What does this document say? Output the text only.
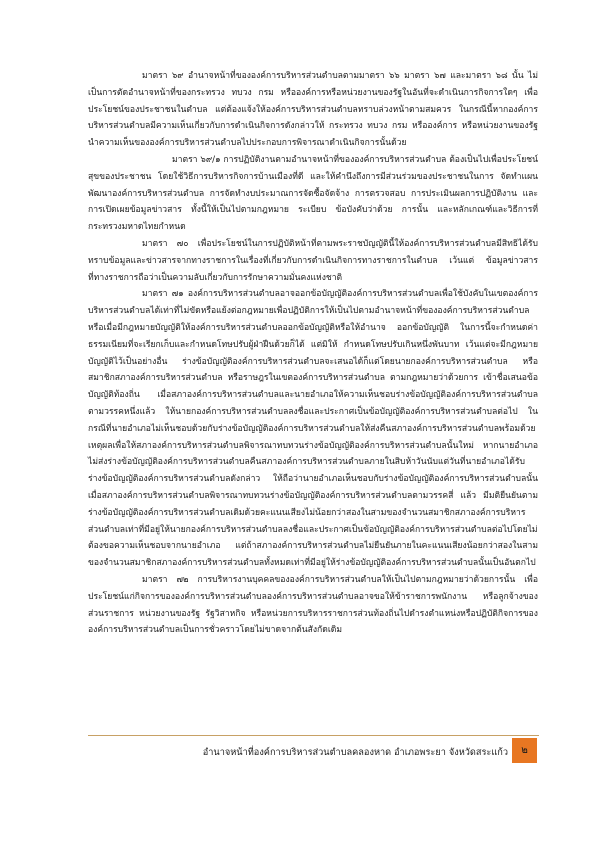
มาตรา ๖๙ อำนาจหน้าที่ขององค์การบริหารส่วนตำบลตามมาตรา ๖๖ มาตรา ๖๗ และมาตรา ๖๘ นั้น ไม่เป็นการตัดอำนาจหน้าที่ของกระทรวง ทบวง กรม หรือองค์การหรือหน่วยงานของรัฐในอันที่จะดำเนินการกิจการใดๆ เพื่อประโยชน์ของประชาชนในตำบล แต่ต้องแจ้งให้องค์การบริหารส่วนตำบลทราบล่วงหน้าตามสมควร ในกรณีนี้หากองค์การบริหารส่วนตำบลมีความเห็นเกี่ยวกับการดำเนินกิจการดังกล่าวให้ กระทรวง ทบวง กรม หรือองค์การ หรือหน่วยงานของรัฐ นำความเห็นขององค์การบริหารส่วนตำบลไปประกอบการพิจารณาดำเนินกิจการนั้นด้วย

มาตรา ๖๙/๑ การปฏิบัติงานตามอำนาจหน้าที่ขององค์การบริหารส่วนตำบล ต้องเป็นไปเพื่อประโยชน์ สุขของประชาชน โดยใช้วิธีการบริหารกิจการบ้านเมืองที่ดี และให้คำนึงถึงการมีส่วนร่วมของประชาชนในการ จัดทำแผนพัฒนาองค์การบริหารส่วนตำบล การจัดทำงบประมาณการจัดซื้อจัดจ้าง การตรวจสอบ การประเมินผลการปฏิบัติงาน และการเปิดเผยข้อมูลข่าวสาร ทั้งนี้ให้เป็นไปตามกฎหมาย ระเบียบ ข้อบังคับว่าด้วย การนั้น และหลักเกณฑ์และวิธีการที่กระทรวงมหาดไทยกำหนด

มาตรา ๗๐ เพื่อประโยชน์ในการปฏิบัติหน้าที่ตามพระราชบัญญัตินี้ให้องค์การบริหารส่วนตำบลมีสิทธิได้รับทราบข้อมูลและข่าวสารจากทางราชการในเรื่องที่เกี่ยวกับการดำเนินกิจการทางราชการในตำบล เว้นแต่ ข้อมูลข่าวสารที่ทางราชการถือว่าเป็นความลับเกี่ยวกับการรักษาความมั่นคงแห่งชาติ

มาตรา ๗๑ องค์การบริหารส่วนตำบลอาจออกข้อบัญญัติองค์การบริหารส่วนตำบลเพื่อใช้บังคับในเขตองค์การบริหารส่วนตำบลได้เท่าที่ไม่ขัดหรือแย้งต่อกฎหมายเพื่อปฏิบัติการให้เป็นไปตามอำนาจหน้าที่ขององค์การบริหารส่วนตำบล หรือเมื่อมีกฎหมายบัญญัติให้องค์การบริหารส่วนตำบลออกข้อบัญญัติหรือให้อำนาจ ออกข้อบัญญัติ ในการนี้จะกำหนดค่าธรรมเนียมที่จะเรียกเก็บและกำหนดโทษปรับผู้ฝ่าฝืนด้วยก็ได้ แต่มิให้ กำหนดโทษปรับเกินหนึ่งพันบาท เว้นแต่จะมีกฎหมายบัญญัติไว้เป็นอย่างอื่น ร่างข้อบัญญัติองค์การบริหารส่วนตำบลจะเสนอได้ก็แต่โดยนายกองค์การบริหารส่วนตำบล หรือ สมาชิกสภาองค์การบริหารส่วนตำบล หรือราษฎรในเขตองค์การบริหารส่วนตำบล ตามกฎหมายว่าด้วยการ เข้าชื่อเสนอข้อบัญญัติท้องถิ่น เมื่อสภาองค์การบริหารส่วนตำบลและนายอำเภอให้ความเห็นชอบร่างข้อบัญญัติองค์การบริหารส่วนตำบลตามวรรคหนึ่งแล้ว ให้นายกองค์การบริหารส่วนตำบลลงชื่อและประกาศเป็นข้อบัญญัติองค์การบริหารส่วนตำบลต่อไป ในกรณีที่นายอำเภอไม่เห็นชอบด้วยกับร่างข้อบัญญัติองค์การบริหารส่วนตำบลให้ส่งคืนสภาองค์การบริหารส่วนตำบลพร้อมด้วยเหตุผลเพื่อให้สภาองค์การบริหารส่วนตำบลพิจารณาทบทวนร่างข้อบัญญัติองค์การบริหารส่วนตำบลนั้นใหม่ หากนายอำเภอไม่ส่งร่างข้อบัญญัติองค์การบริหารส่วนตำบลคืนสภาองค์การบริหารส่วนตำบลภายในสิบห้าวันนับแต่วันที่นายอำเภอได้รับร่างข้อบัญญัติองค์การบริหารส่วนตำบลดังกล่าว ให้ถือว่านายอำเภอเห็นชอบกับร่างข้อบัญญัติองค์การบริหารส่วนตำบลนั้น เมื่อสภาองค์การบริหารส่วนตำบลพิจารณาทบทวนร่างข้อบัญญัติองค์การบริหารส่วนตำบลตามวรรคสี่ แล้ว มีมติยืนยันตามร่างข้อบัญญัติองค์การบริหารส่วนตำบลเดิมด้วยคะแนนเสียงไม่น้อยกว่าสองในสามของจำนวนสมาชิกสภาองค์การบริหารส่วนตำบลเท่าที่มีอยู่ให้นายกองค์การบริหารส่วนตำบลลงชื่อและประกาศเป็นข้อบัญญัติองค์การบริหารส่วนตำบลต่อไปโดยไม่ต้องขอความเห็นชอบจากนายอำเภอ แต่ถ้าสภาองค์การบริหารส่วนตำบลไม่ยืนยันภายในคะแนนเสียงน้อยกว่าสองในสามของจำนวนสมาชิกสภาองค์การบริหารส่วนตำบลทั้งหมดเท่าที่มีอยู่ให้ร่างข้อบัญญัติองค์การบริหารส่วนตำบลนั้นเป็นอันตกไป

มาตรา ๗๒ การบริหารงานบุคคลขององค์การบริหารส่วนตำบลให้เป็นไปตามกฎหมายว่าด้วยการนั้น เพื่อประโยชน์แก่กิจการขององค์การบริหารส่วนตำบลองค์การบริหารส่วนตำบลอาจขอให้ข้าราชการพนักงาน หรือลูกจ้างของส่วนราชการ หน่วยงานของรัฐ รัฐวิสาหกิจ หรือหน่วยการบริหารราชการส่วนท้องถิ่นไปดำรงตำแหน่งหรือปฏิบัติกิจการขององค์การบริหารส่วนตำบลเป็นการชั่วคราวโดยไม่ขาดจากต้นสังกัดเดิม

อำนาจหน้าที่องค์การบริหารส่วนตำบลคลองหาด อำเภอพระยา จังหวัดสระแก้ว	๒
